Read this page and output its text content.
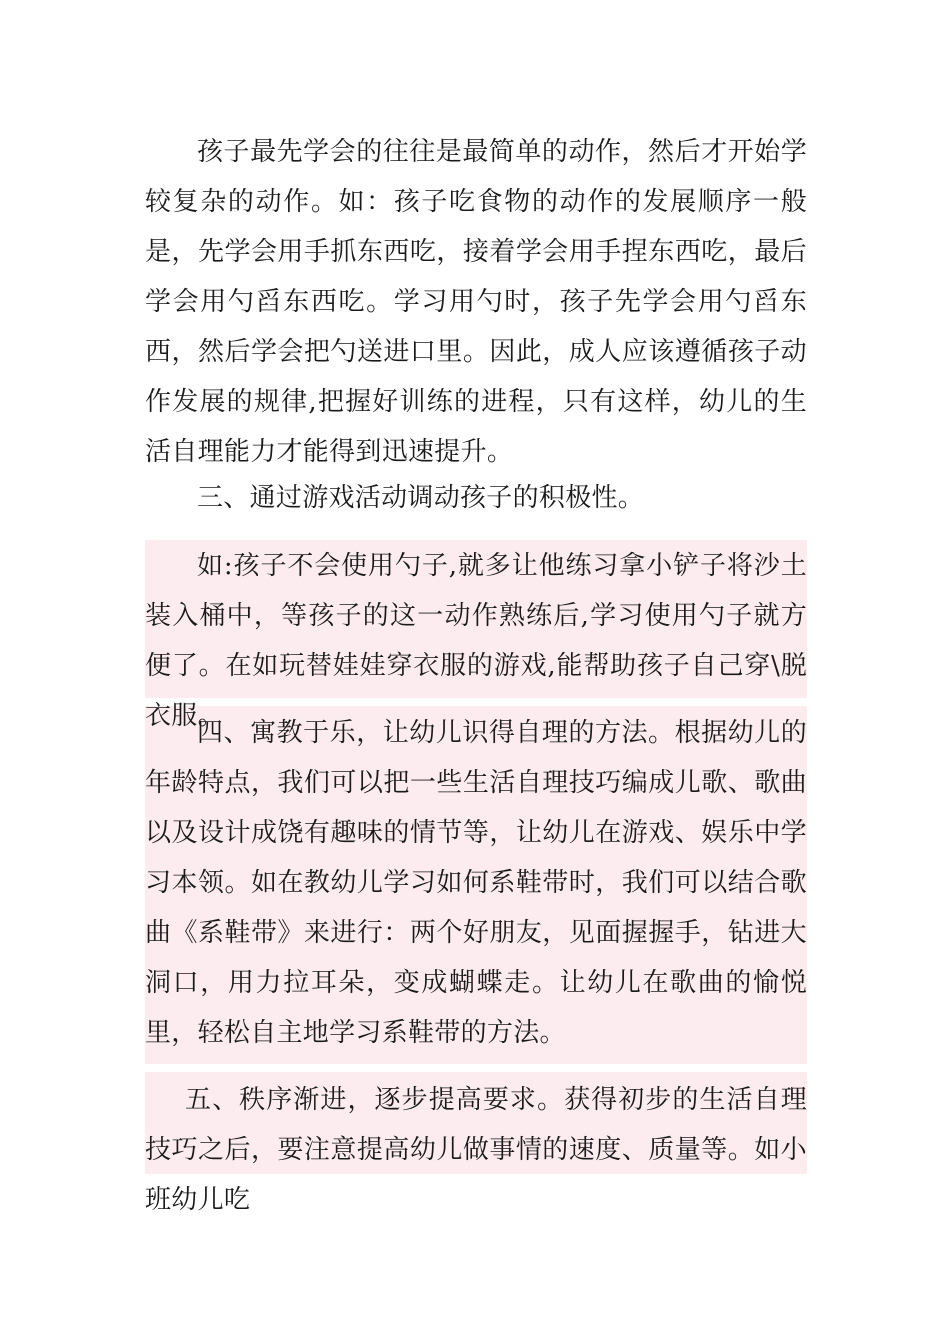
孩子最先学会的往往是最简单的动作，然后才开始学较复杂的动作。如：孩子吃食物的动作的发展顺序一般是，先学会用手抓东西吃，接着学会用手捏东西吃，最后学会用勺舀东西吃。学习用勺时，孩子先学会用勺舀东西，然后学会把勺送进口里。因此，成人应该遵循孩子动作发展的规律,把握好训练的进程，只有这样，幼儿的生活自理能力才能得到迅速提升。

三、通过游戏活动调动孩子的积极性。

如:孩子不会使用勺子,就多让他练习拿小铲子将沙土装入桶中，等孩子的这一动作熟练后,学习使用勺子就方便了。在如玩替娃娃穿衣服的游戏,能帮助孩子自己穿\脱衣服。

四、寓教于乐，让幼儿识得自理的方法。根据幼儿的年龄特点，我们可以把一些生活自理技巧编成儿歌、歌曲以及设计成饶有趣味的情节等，让幼儿在游戏、娱乐中学习本领。如在教幼儿学习如何系鞋带时，我们可以结合歌曲《系鞋带》来进行：两个好朋友，见面握握手，钻进大洞口，用力拉耳朵，变成蝴蝶走。让幼儿在歌曲的愉悦里，轻松自主地学习系鞋带的方法。

五、秩序渐进，逐步提高要求。获得初步的生活自理技巧之后，要注意提高幼儿做事情的速度、质量等。如小班幼儿吃
